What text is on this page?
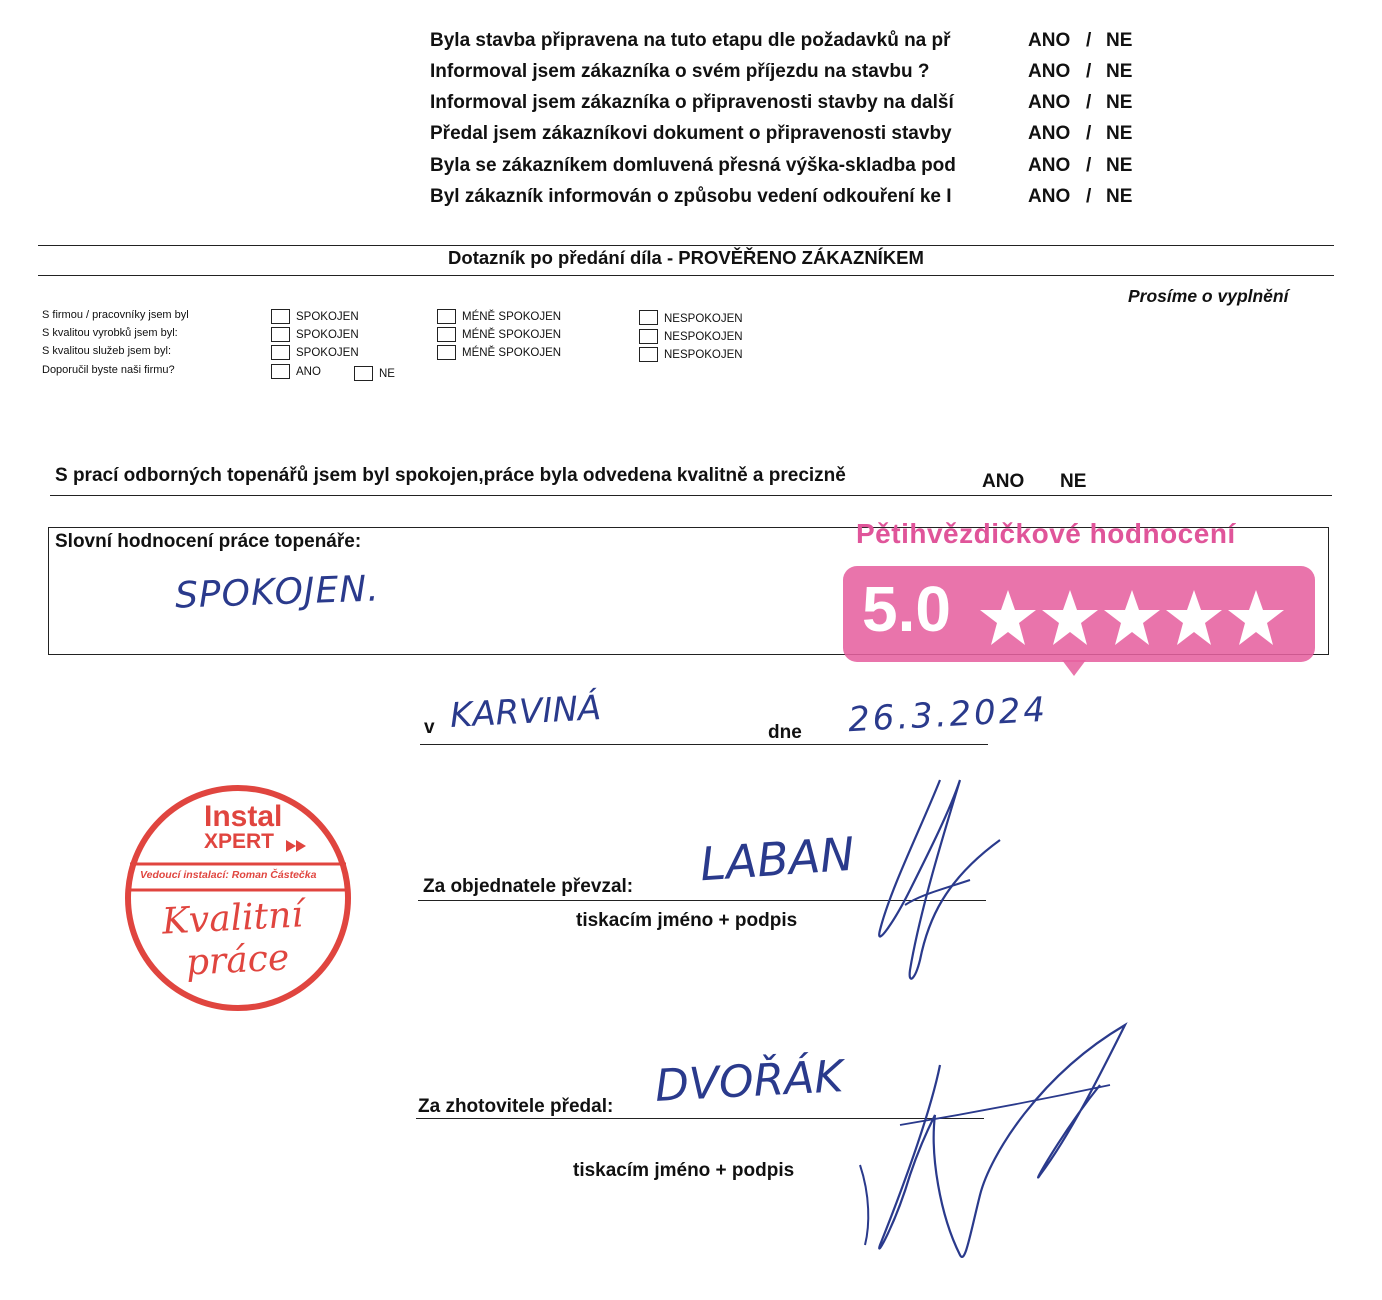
Byla stavba připravena na tuto etapu dle požadavků na př	ANO / NE
Informoval jsem zákazníka o svém příjezdu na stavbu ?	ANO / NE
Informoval jsem zákazníka o připravenosti stavby na další	ANO / NE
Předal jsem zákazníkovi dokument o připravenosti stavby	ANO / NE
Byla se zákazníkem domluvená přesná výška-skladba pod	ANO / NE
Byl zákazník informován o způsobu vedení odkouření ke I	ANO / NE
Dotazník po předání díla - PROVĚŘENO ZÁKAZNÍKEM
Prosíme o vyplnění
S firmou / pracovníky jsem byl	SPOKOJEN	MÉNĚ SPOKOJEN	NESPOKOJEN
S kvalitou vyrobků jsem byl:	SPOKOJEN	MÉNĚ SPOKOJEN	NESPOKOJEN
S kvalitou služeb jsem byl:	SPOKOJEN	MÉNĚ SPOKOJEN	NESPOKOJEN
Doporučil byste naši firmu?	ANO	NE
S prací odborných topenářů jsem byl spokojen,práce byla odvedena kvalitně a precizně	ANO NE
Slovní hodnocení práce topenáře:
SPOKOJEN.
Pětihvězdičkové hodnocení
5.0
v KARVINÁ	dne 26.3.2024
Instal
XPERT
Vedoucí instalací: Roman Částečka
Kvalitní
práce
Za objednatele převzal: LABAN
tiskacím jméno + podpis
Za zhotovitele předal: DVOŘÁK
tiskacím jméno + podpis
